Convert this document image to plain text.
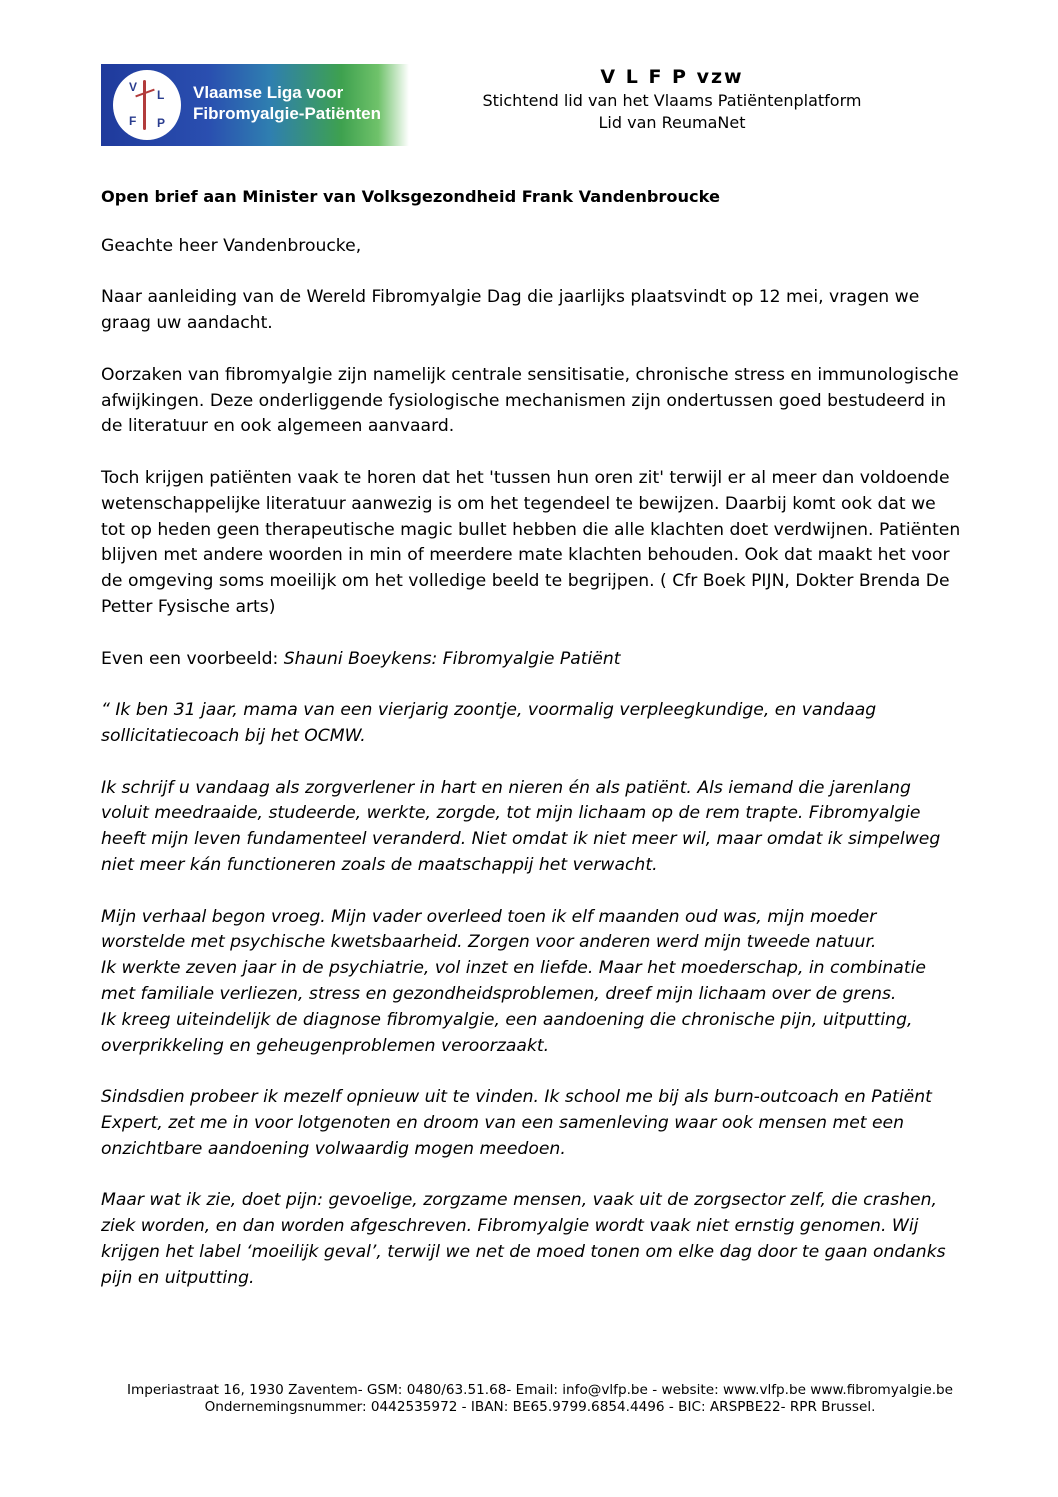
V
L
F P
Vlaamse Liga voor
Fibromyalgie-Patiënten
V L F P vzw
Stichtend lid van het Vlaams Patiëntenplatform
Lid van ReumaNet

Open brief aan Minister van Volksgezondheid Frank Vandenbroucke

Geachte heer Vandenbroucke,

Naar aanleiding van de Wereld Fibromyalgie Dag die jaarlijks plaatsvindt op 12 mei, vragen we graag uw aandacht.

Oorzaken van fibromyalgie zijn namelijk centrale sensitisatie, chronische stress en immunologische afwijkingen. Deze onderliggende fysiologische mechanismen zijn ondertussen goed bestudeerd in de literatuur en ook algemeen aanvaard.

Toch krijgen patiënten vaak te horen dat het 'tussen hun oren zit' terwijl er al meer dan voldoende wetenschappelijke literatuur aanwezig is om het tegendeel te bewijzen. Daarbij komt ook dat we tot op heden geen therapeutische magic bullet hebben die alle klachten doet verdwijnen. Patiënten blijven met andere woorden in min of meerdere mate klachten behouden. Ook dat maakt het voor de omgeving soms moeilijk om het volledige beeld te begrijpen. ( Cfr Boek PIJN, Dokter Brenda De Petter Fysische arts)

Even een voorbeeld: Shauni Boeykens: Fibromyalgie Patiënt

“ Ik ben 31 jaar, mama van een vierjarig zoontje, voormalig verpleegkundige, en vandaag sollicitatiecoach bij het OCMW.

Ik schrijf u vandaag als zorgverlener in hart en nieren én als patiënt. Als iemand die jarenlang voluit meedraaide, studeerde, werkte, zorgde, tot mijn lichaam op de rem trapte. Fibromyalgie heeft mijn leven fundamenteel veranderd. Niet omdat ik niet meer wil, maar omdat ik simpelweg niet meer kán functioneren zoals de maatschappij het verwacht.

Mijn verhaal begon vroeg. Mijn vader overleed toen ik elf maanden oud was, mijn moeder worstelde met psychische kwetsbaarheid. Zorgen voor anderen werd mijn tweede natuur.
Ik werkte zeven jaar in de psychiatrie, vol inzet en liefde. Maar het moederschap, in combinatie met familiale verliezen, stress en gezondheidsproblemen, dreef mijn lichaam over de grens.
Ik kreeg uiteindelijk de diagnose fibromyalgie, een aandoening die chronische pijn, uitputting, overprikkeling en geheugenproblemen veroorzaakt.

Sindsdien probeer ik mezelf opnieuw uit te vinden. Ik school me bij als burn-outcoach en Patiënt Expert, zet me in voor lotgenoten en droom van een samenleving waar ook mensen met een onzichtbare aandoening volwaardig mogen meedoen.

Maar wat ik zie, doet pijn: gevoelige, zorgzame mensen, vaak uit de zorgsector zelf, die crashen, ziek worden, en dan worden afgeschreven. Fibromyalgie wordt vaak niet ernstig genomen. Wij krijgen het label ‘moeilijk geval’, terwijl we net de moed tonen om elke dag door te gaan ondanks pijn en uitputting.

Imperiastraat 16, 1930 Zaventem- GSM: 0480/63.51.68- Email: info@vlfp.be - website: www.vlfp.be www.fibromyalgie.be
Ondernemingsnummer: 0442535972 - IBAN: BE65.9799.6854.4496 - BIC: ARSPBE22- RPR Brussel.
